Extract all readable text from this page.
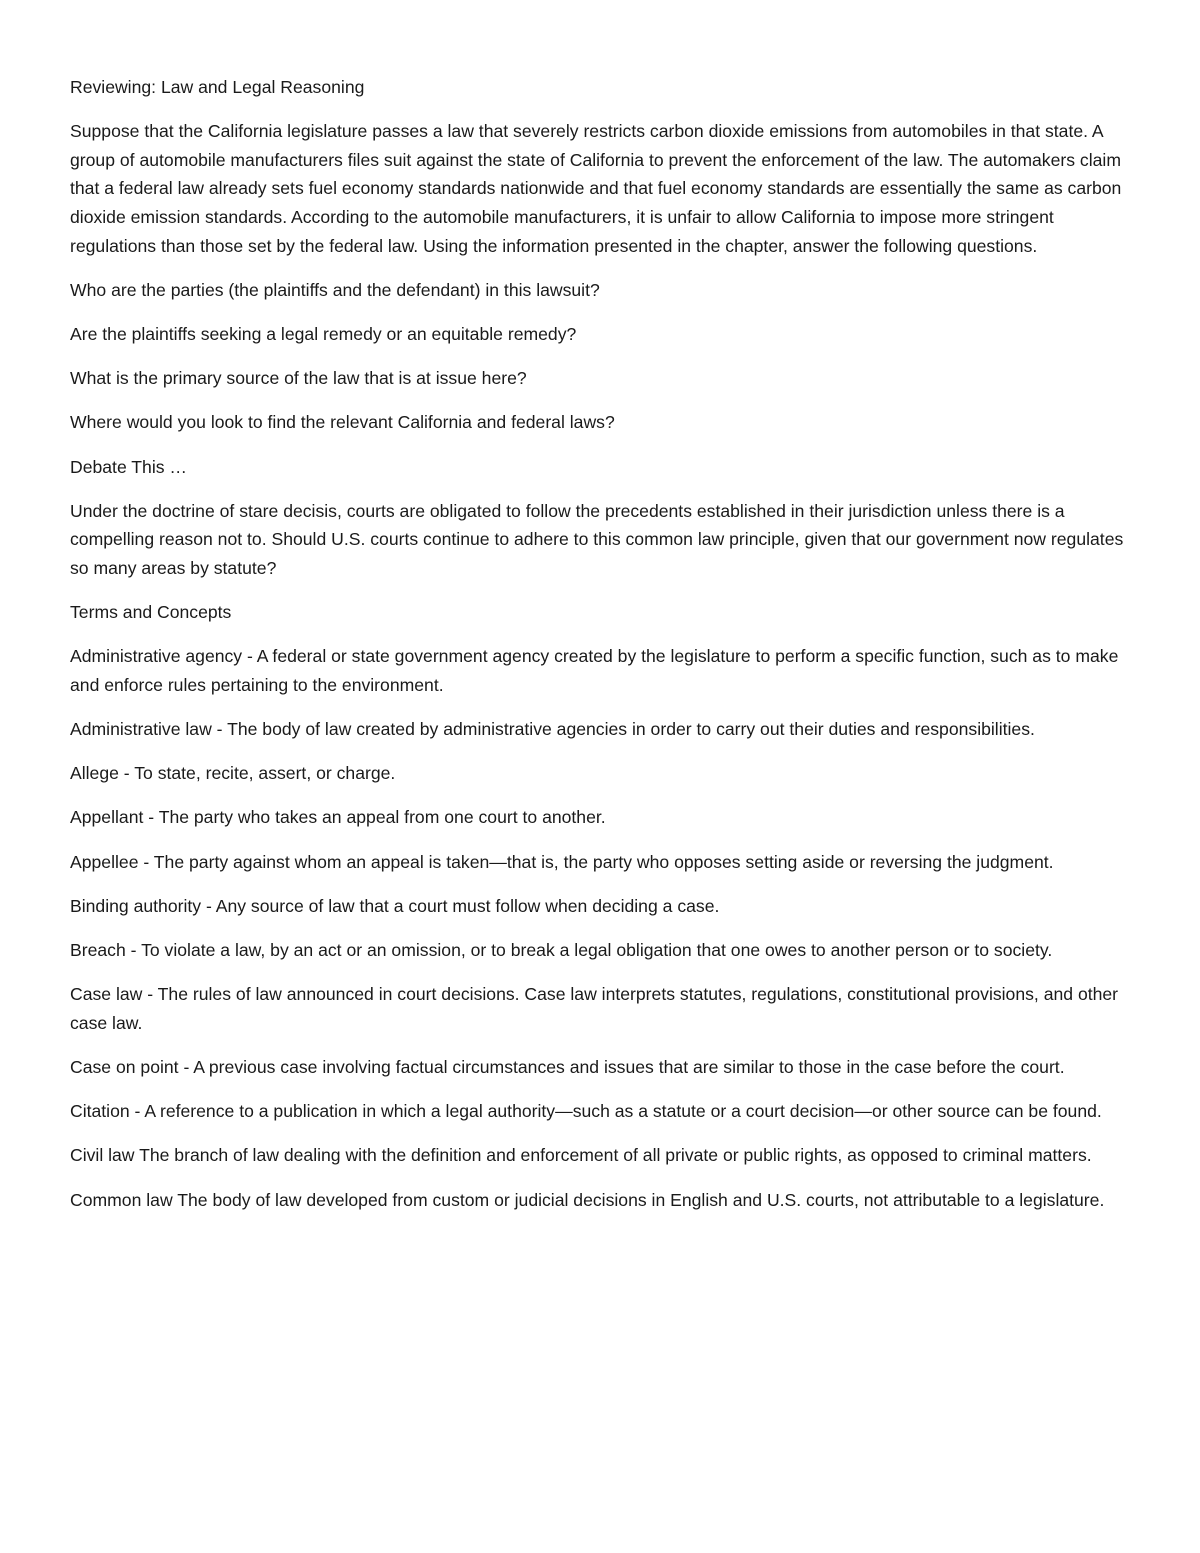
Reviewing: Law and Legal Reasoning

Suppose that the California legislature passes a law that severely restricts carbon dioxide emissions from automobiles in that state. A group of automobile manufacturers files suit against the state of California to prevent the enforcement of the law. The automakers claim that a federal law already sets fuel economy standards nationwide and that fuel economy standards are essentially the same as carbon dioxide emission standards. According to the automobile manufacturers, it is unfair to allow California to impose more stringent regulations than those set by the federal law. Using the information presented in the chapter, answer the following questions.

Who are the parties (the plaintiffs and the defendant) in this lawsuit?

Are the plaintiffs seeking a legal remedy or an equitable remedy?

What is the primary source of the law that is at issue here?

Where would you look to find the relevant California and federal laws?

Debate This …

Under the doctrine of stare decisis, courts are obligated to follow the precedents established in their jurisdiction unless there is a compelling reason not to. Should U.S. courts continue to adhere to this common law principle, given that our government now regulates so many areas by statute?

Terms and Concepts

Administrative agency - A federal or state government agency created by the legislature to perform a specific function, such as to make and enforce rules pertaining to the environment.

Administrative law - The body of law created by administrative agencies in order to carry out their duties and responsibilities.

Allege - To state, recite, assert, or charge.

Appellant - The party who takes an appeal from one court to another.

Appellee - The party against whom an appeal is taken—that is, the party who opposes setting aside or reversing the judgment.

Binding authority - Any source of law that a court must follow when deciding a case.

Breach - To violate a law, by an act or an omission, or to break a legal obligation that one owes to another person or to society.

Case law - The rules of law announced in court decisions. Case law interprets statutes, regulations, constitutional provisions, and other case law.

Case on point - A previous case involving factual circumstances and issues that are similar to those in the case before the court.

Citation - A reference to a publication in which a legal authority—such as a statute or a court decision—or other source can be found.

Civil law The branch of law dealing with the definition and enforcement of all private or public rights, as opposed to criminal matters.

Common law The body of law developed from custom or judicial decisions in English and U.S. courts, not attributable to a legislature.
